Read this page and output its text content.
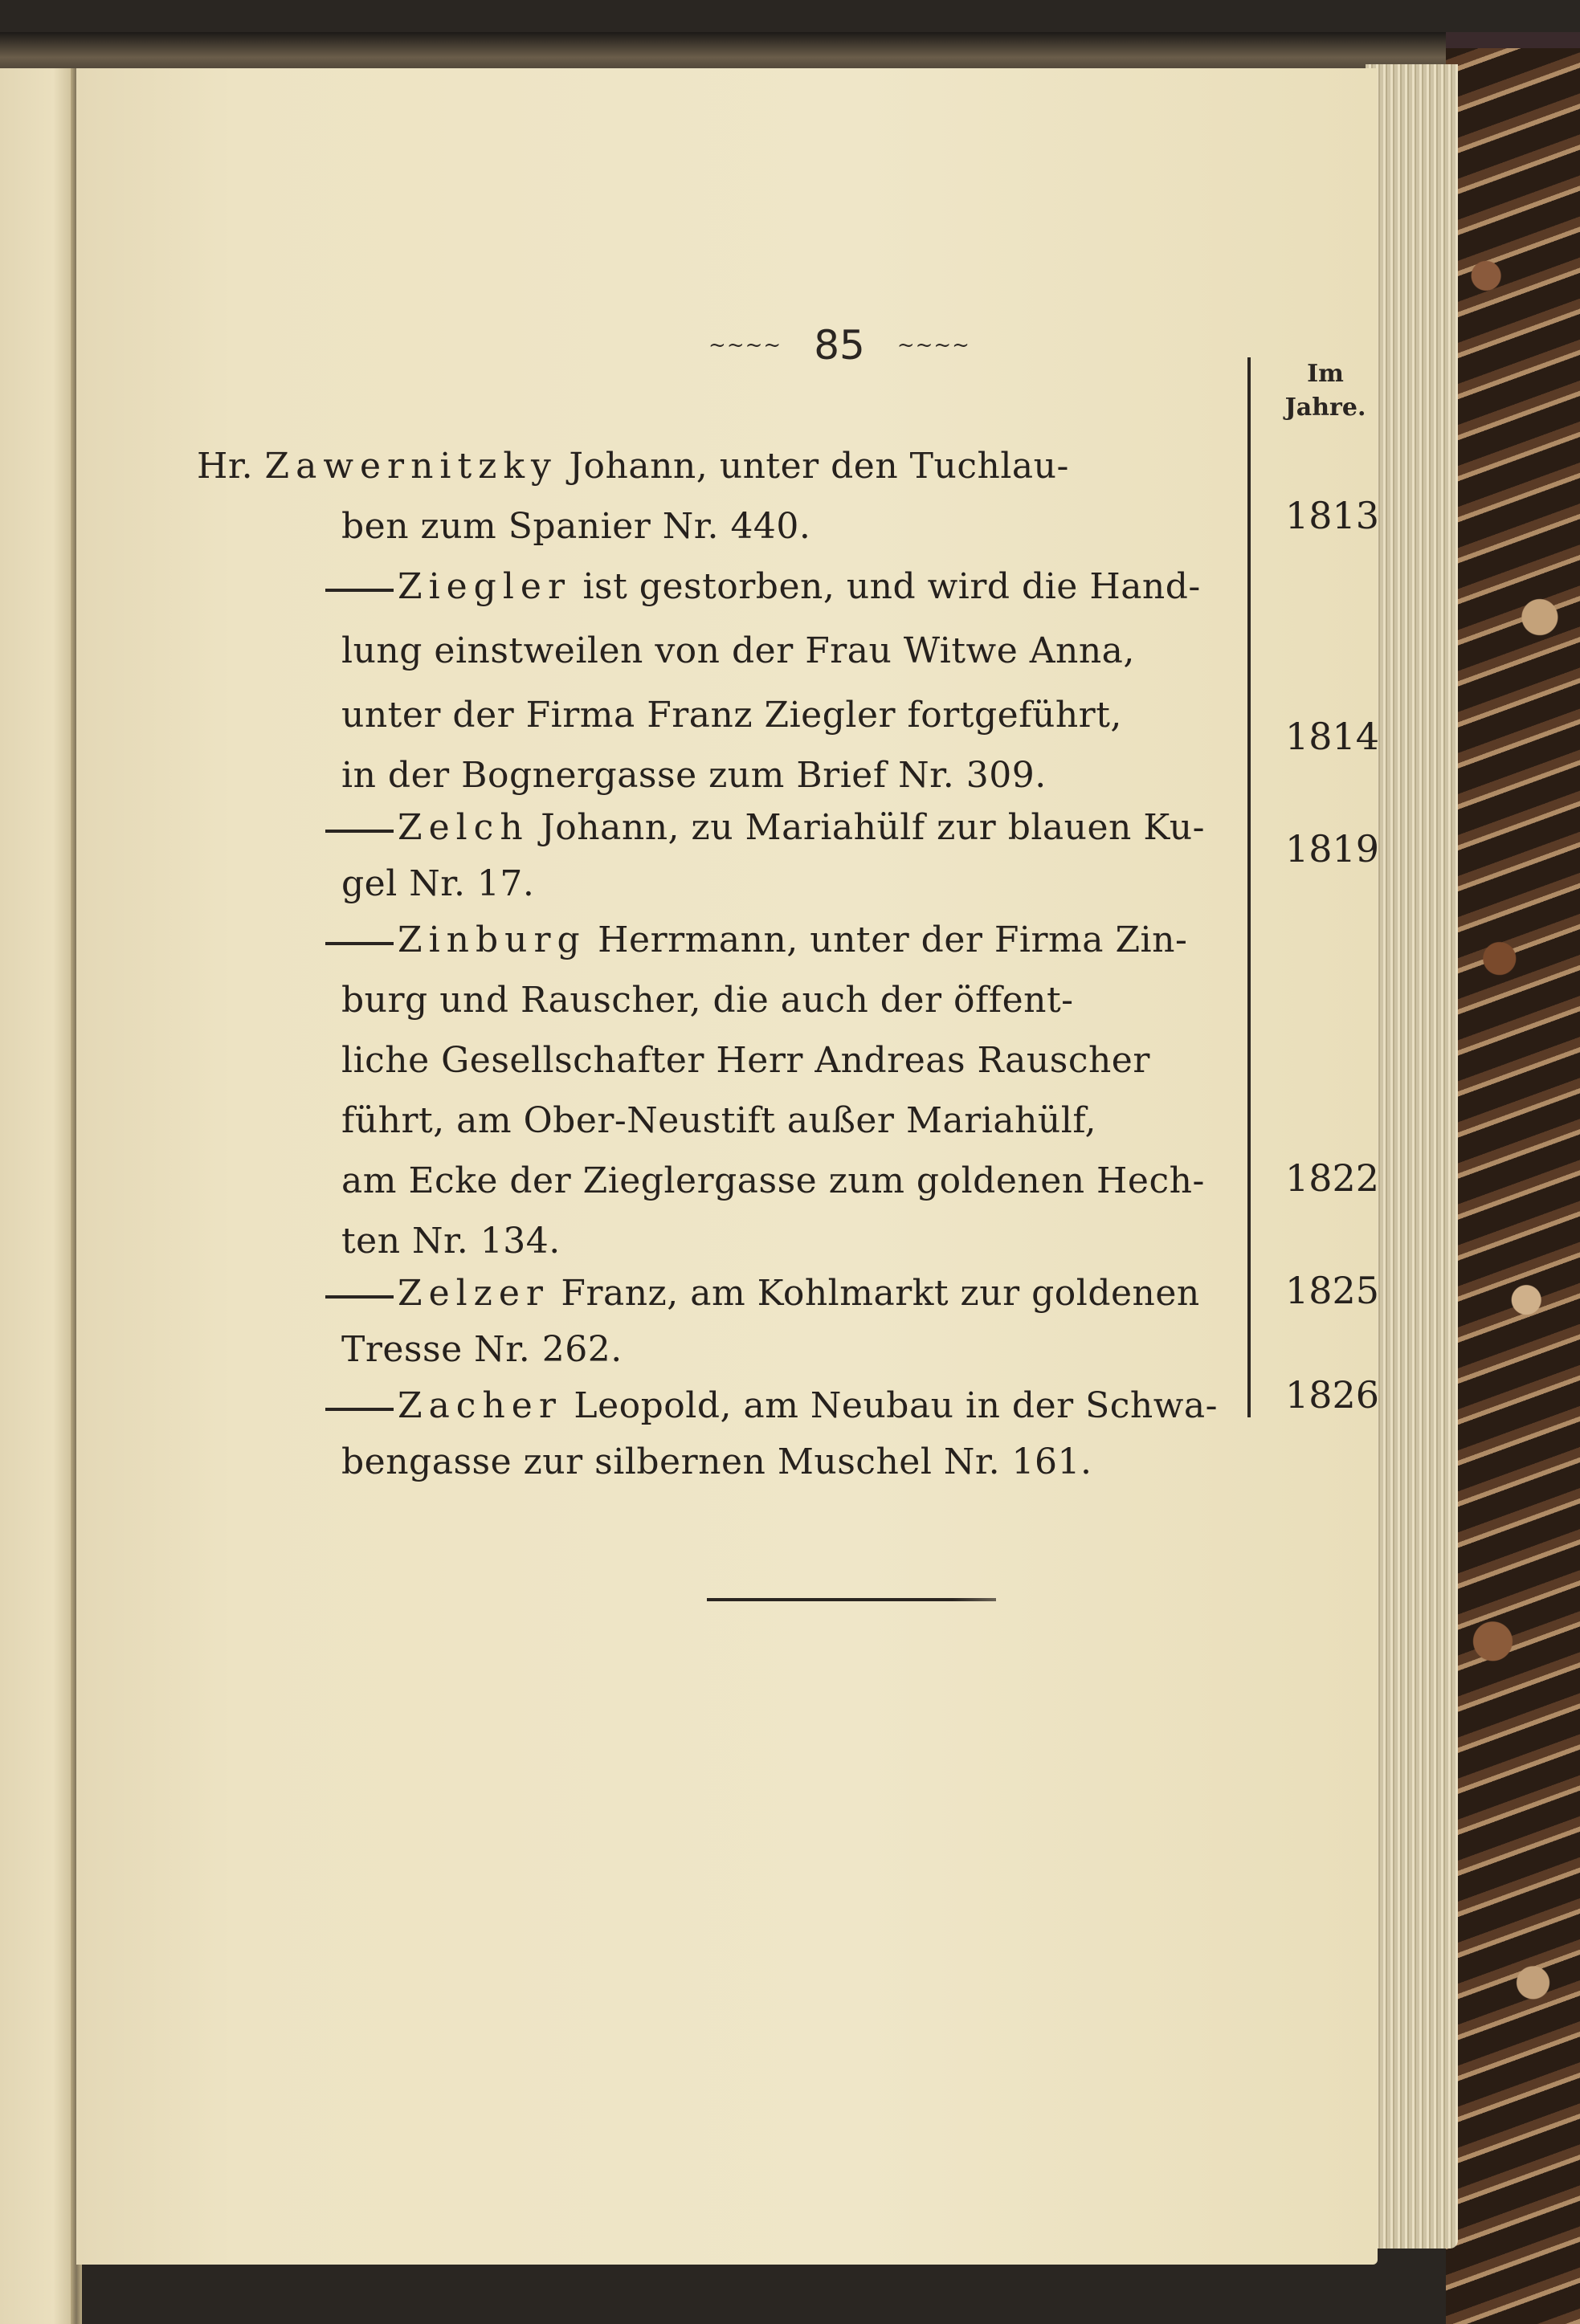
~~~~ 85 ~~~~
Im
Jahre.
Hr. Zawernitzky Johann, unter den Tuchlau-
ben zum Spanier Nr. 440.	1813
Ziegler ist gestorben, und wird die Hand-
lung einstweilen von der Frau Witwe Anna,
unter der Firma Franz Ziegler fortgeführt,
in der Bognergasse zum Brief Nr. 309.
1814
Zelch Johann, zu Mariahülf zur blauen Ku-
gel Nr. 17.
1819
Zinburg Herrmann, unter der Firma Zin-
burg und Rauscher, die auch der öffent-
liche Gesellschafter Herr Andreas Rauscher
führt, am Ober-Neustift außer Mariahülf,
am Ecke der Zieglergasse zum goldenen Hech-
ten Nr. 134.
1822
Zelzer Franz, am Kohlmarkt zur goldenen
Tresse Nr. 262.
1825
Zacher Leopold, am Neubau in der Schwa-
bengasse zur silbernen Muschel Nr. 161.
1826
